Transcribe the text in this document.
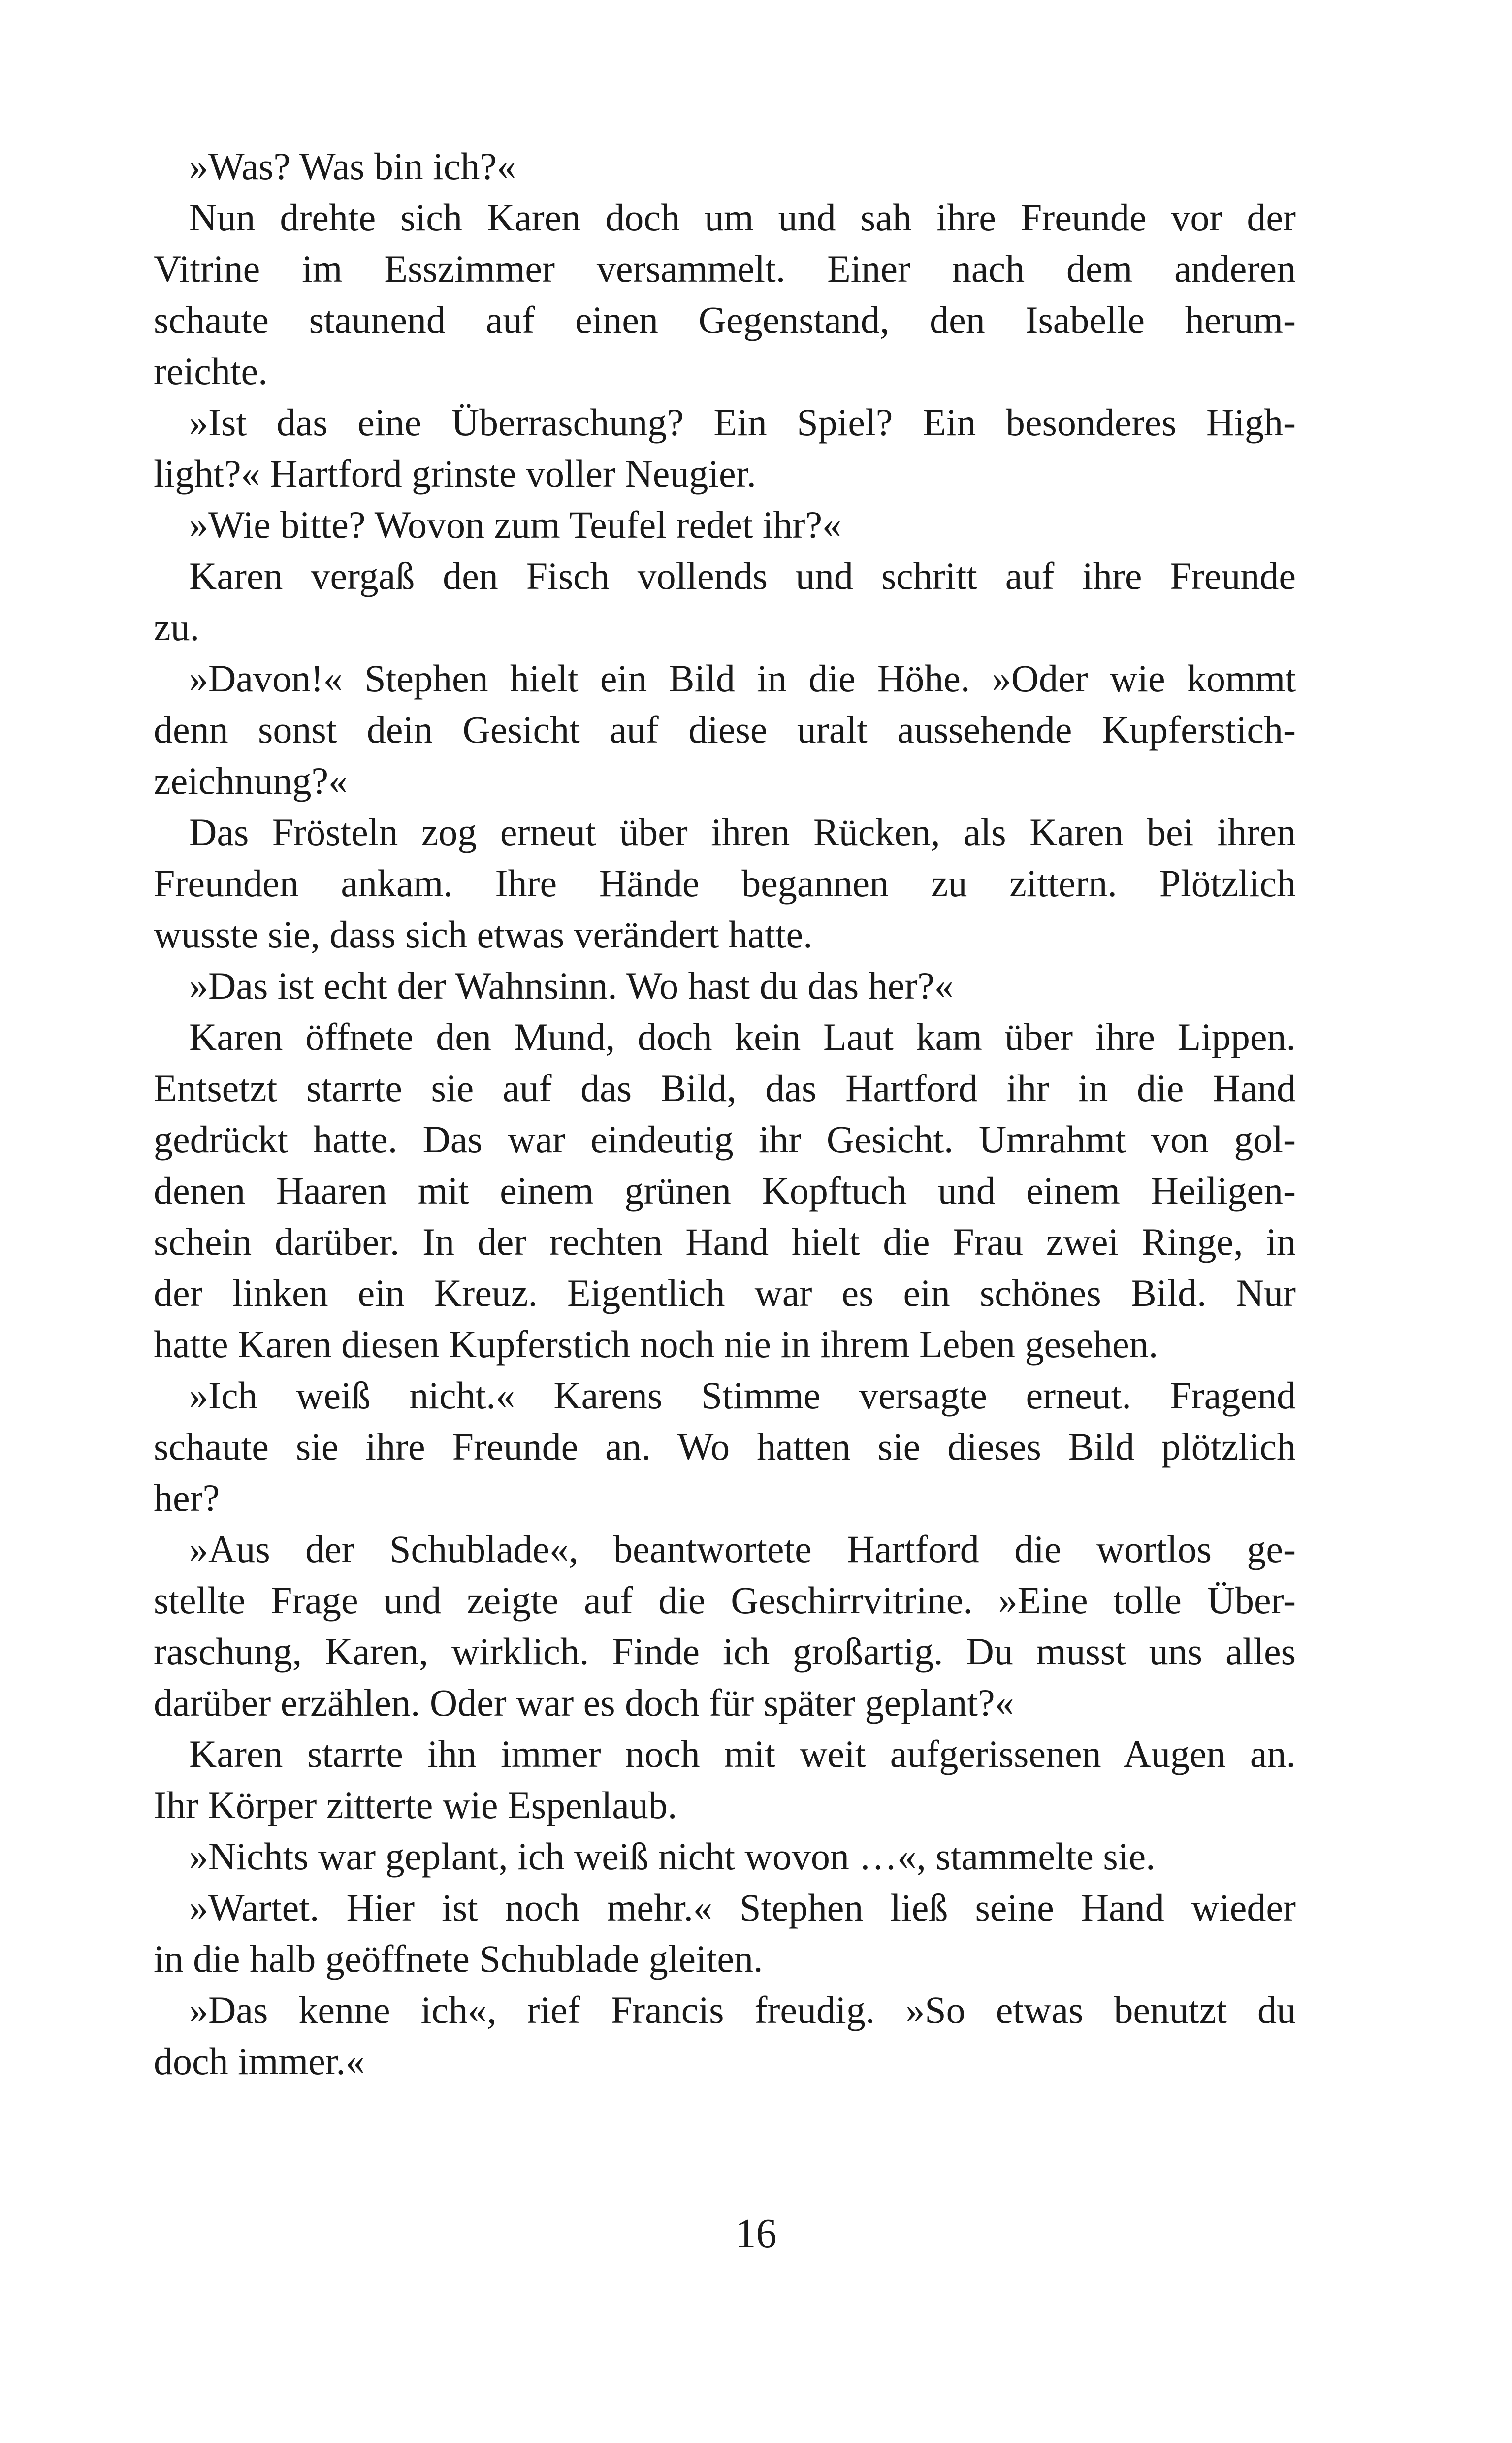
»Was? Was bin ich?«
Nun drehte sich Karen doch um und sah ihre Freunde vor der
Vitrine im Esszimmer versammelt. Einer nach dem anderen
schaute staunend auf einen Gegenstand, den Isabelle herum-
reichte.
»Ist das eine Überraschung? Ein Spiel? Ein besonderes High-
light?« Hartford grinste voller Neugier.
»Wie bitte? Wovon zum Teufel redet ihr?«
Karen vergaß den Fisch vollends und schritt auf ihre Freunde
zu.
»Davon!« Stephen hielt ein Bild in die Höhe. »Oder wie kommt
denn sonst dein Gesicht auf diese uralt aussehende Kupferstich-
zeichnung?«
Das Frösteln zog erneut über ihren Rücken, als Karen bei ihren
Freunden ankam. Ihre Hände begannen zu zittern. Plötzlich
wusste sie, dass sich etwas verändert hatte.
»Das ist echt der Wahnsinn. Wo hast du das her?«
Karen öffnete den Mund, doch kein Laut kam über ihre Lippen.
Entsetzt starrte sie auf das Bild, das Hartford ihr in die Hand
gedrückt hatte. Das war eindeutig ihr Gesicht. Umrahmt von gol-
denen Haaren mit einem grünen Kopftuch und einem Heiligen-
schein darüber. In der rechten Hand hielt die Frau zwei Ringe, in
der linken ein Kreuz. Eigentlich war es ein schönes Bild. Nur
hatte Karen diesen Kupferstich noch nie in ihrem Leben gesehen.
»Ich weiß nicht.« Karens Stimme versagte erneut. Fragend
schaute sie ihre Freunde an. Wo hatten sie dieses Bild plötzlich
her?
»Aus der Schublade«, beantwortete Hartford die wortlos ge-
stellte Frage und zeigte auf die Geschirrvitrine. »Eine tolle Über-
raschung, Karen, wirklich. Finde ich großartig. Du musst uns alles
darüber erzählen. Oder war es doch für später geplant?«
Karen starrte ihn immer noch mit weit aufgerissenen Augen an.
Ihr Körper zitterte wie Espenlaub.
»Nichts war geplant, ich weiß nicht wovon …«, stammelte sie.
»Wartet. Hier ist noch mehr.« Stephen ließ seine Hand wieder
in die halb geöffnete Schublade gleiten.
»Das kenne ich«, rief Francis freudig. »So etwas benutzt du
doch immer.«
16
